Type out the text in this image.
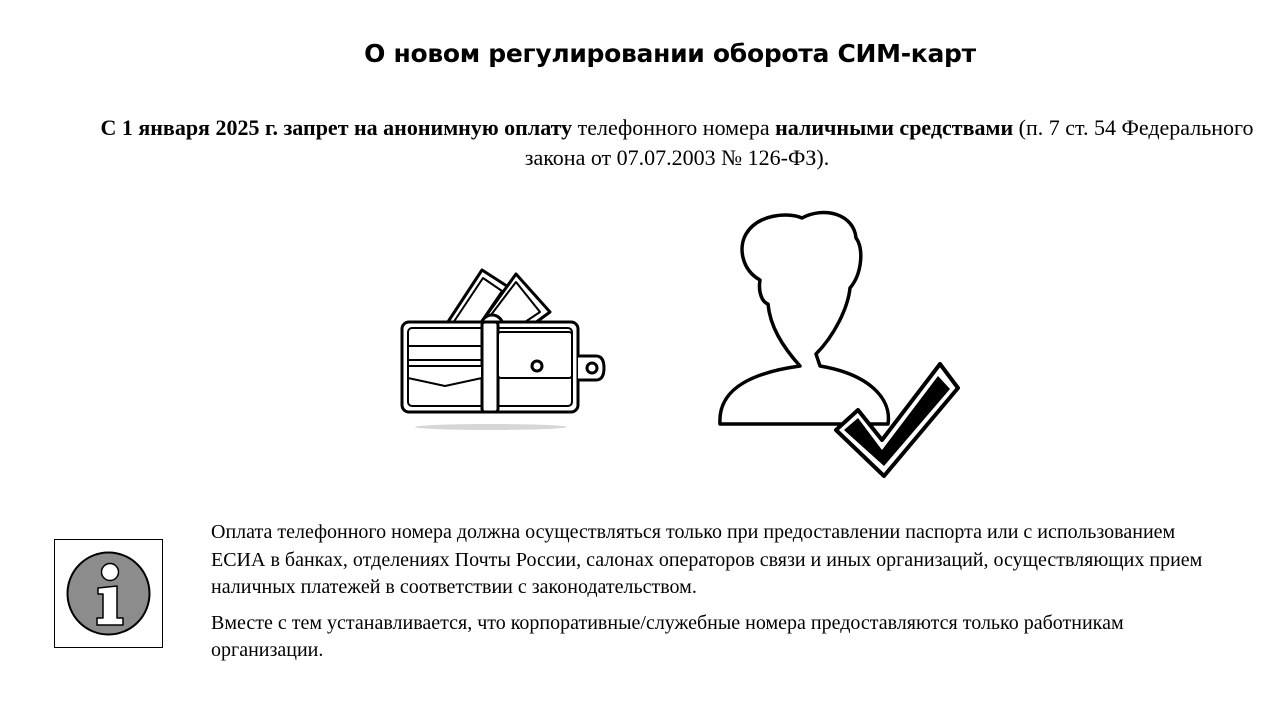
О новом регулировании оборота СИМ-карт
С 1 января 2025 г. запрет на анонимную оплату телефонного номера наличными средствами (п. 7 ст. 54 Федерального закона от 07.07.2003 № 126-ФЗ).

Оплата телефонного номера должна осуществляться только при предоставлении паспорта или с использованием ЕСИА в банках, отделениях Почты России, салонах операторов связи и иных организаций, осуществляющих прием наличных платежей в соответствии с законодательством.

Вместе с тем устанавливается, что корпоративные/служебные номера предоставляются только работникам организации.
